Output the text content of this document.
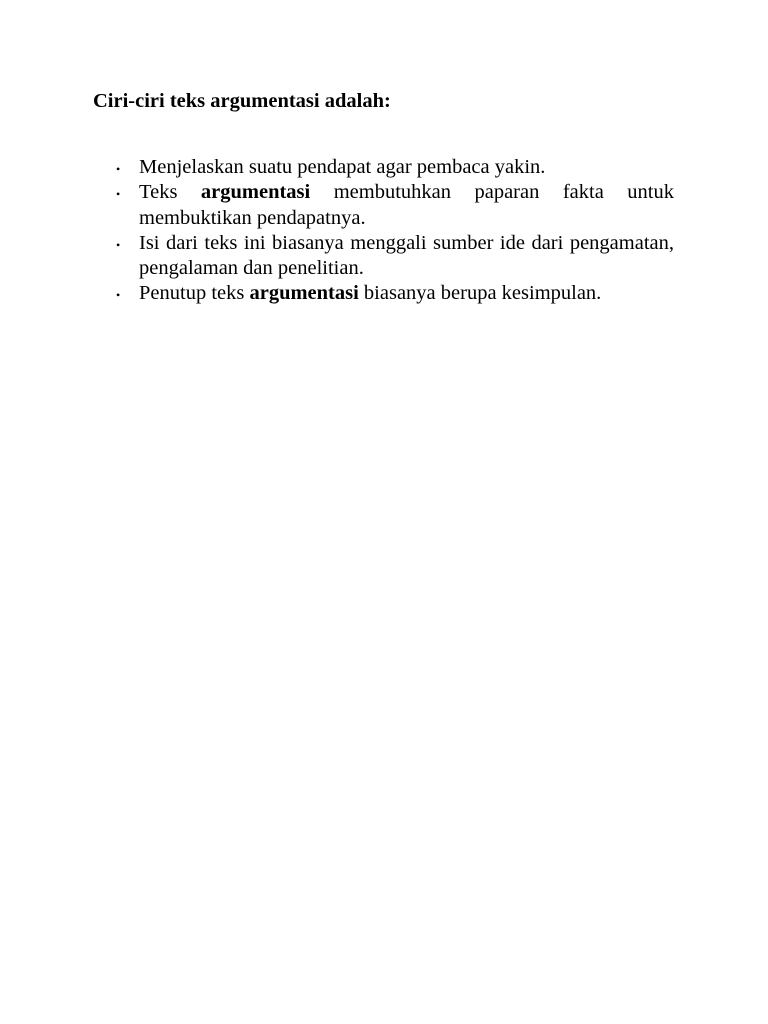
Ciri-ciri teks argumentasi adalah:
• Menjelaskan suatu pendapat agar pembaca yakin.
• Teks argumentasi membutuhkan paparan fakta untuk membuktikan pendapatnya.
• Isi dari teks ini biasanya menggali sumber ide dari pengamatan, pengalaman dan penelitian.
• Penutup teks argumentasi biasanya berupa kesimpulan.
